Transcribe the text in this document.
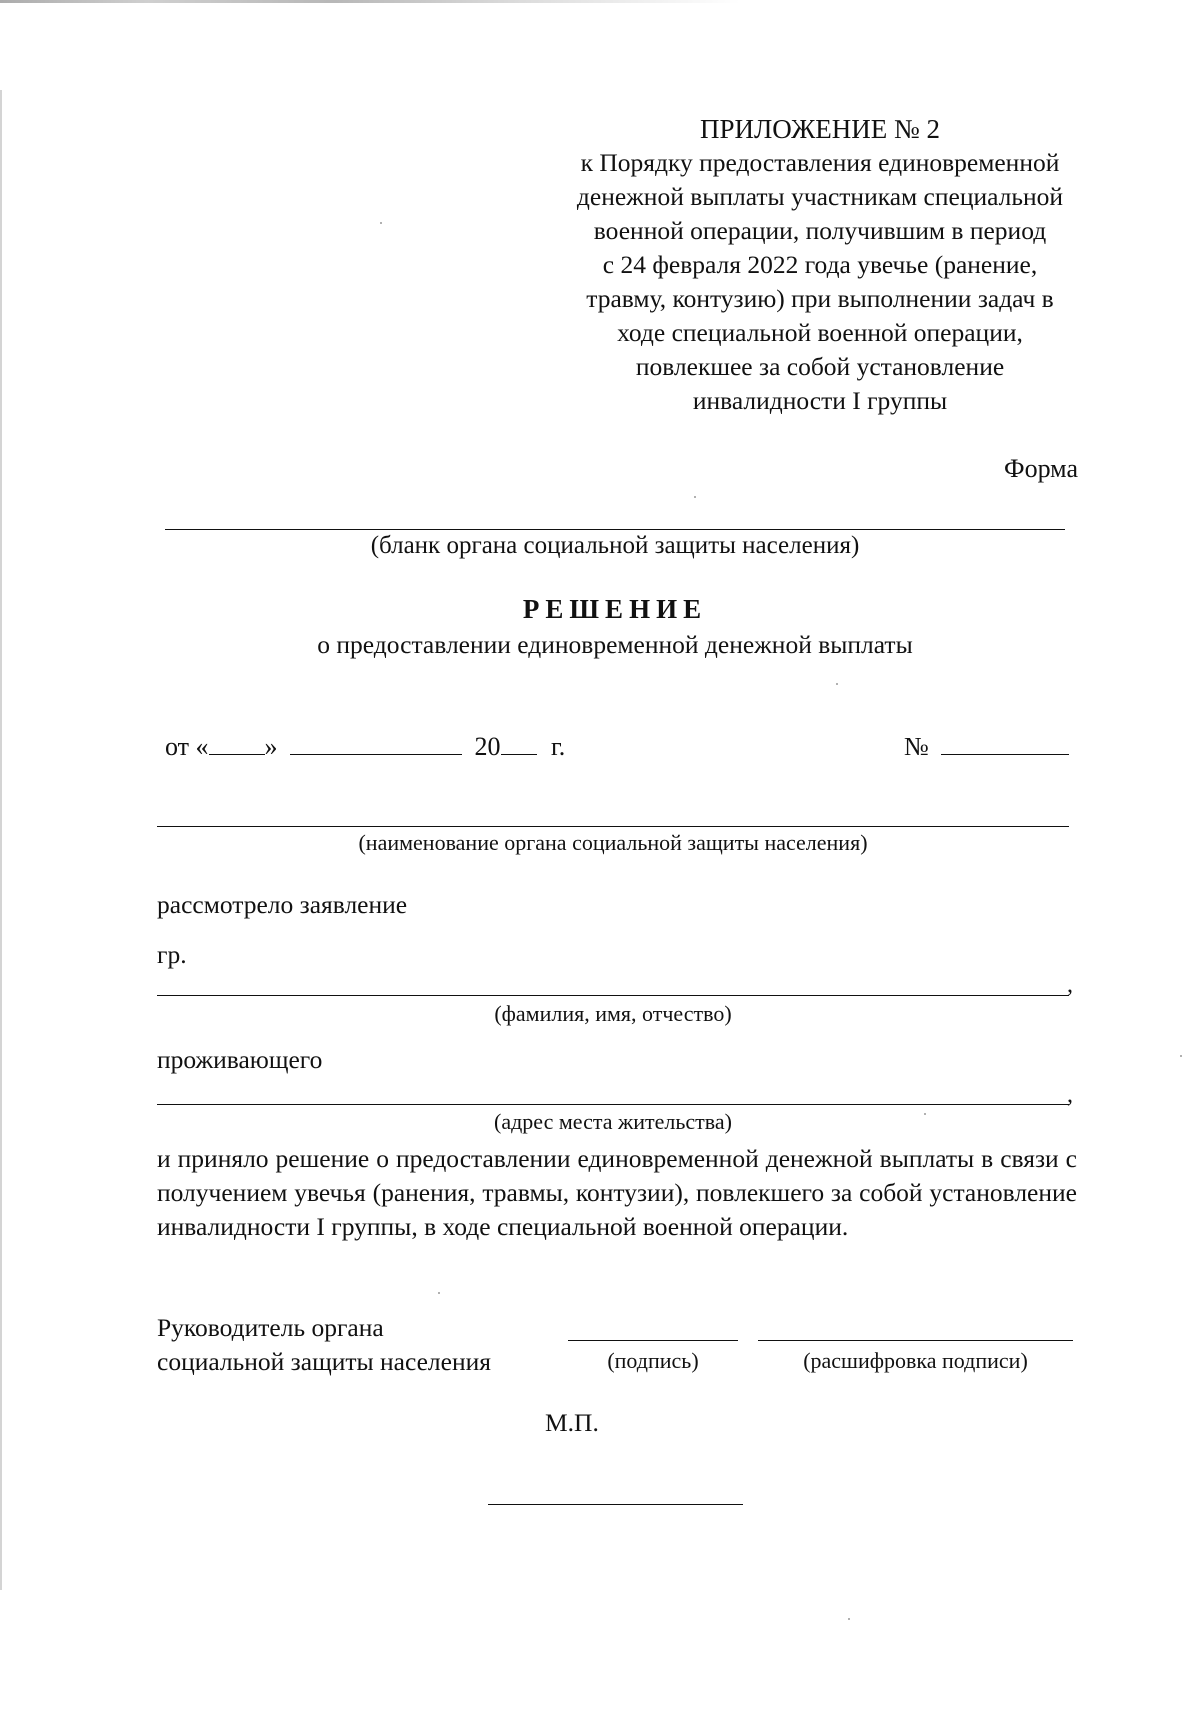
ПРИЛОЖЕНИЕ № 2
к Порядку предоставления единовременной
денежной выплаты участникам специальной
военной операции, получившим в период
с 24 февраля 2022 года увечье (ранение,
травму, контузию) при выполнении задач в
ходе специальной военной операции,
повлекшее за собой установление
инвалидности I группы
Форма
(бланк органа социальной защиты населения)
РЕШЕНИЕ
о предоставлении единовременной денежной выплаты
от « »	20 г.	№
(наименование органа социальной защиты населения)
рассмотрело заявление
гр.
,
(фамилия, имя, отчество)
проживающего
,
(адрес места жительства)
и приняло решение о предоставлении единовременной денежной выплаты в связи с получением увечья (ранения, травмы, контузии), повлекшего за собой установление инвалидности I группы, в ходе специальной военной операции.
Руководитель органа
социальной защиты населения	(подпись)	(расшифровка подписи)
М.П.
